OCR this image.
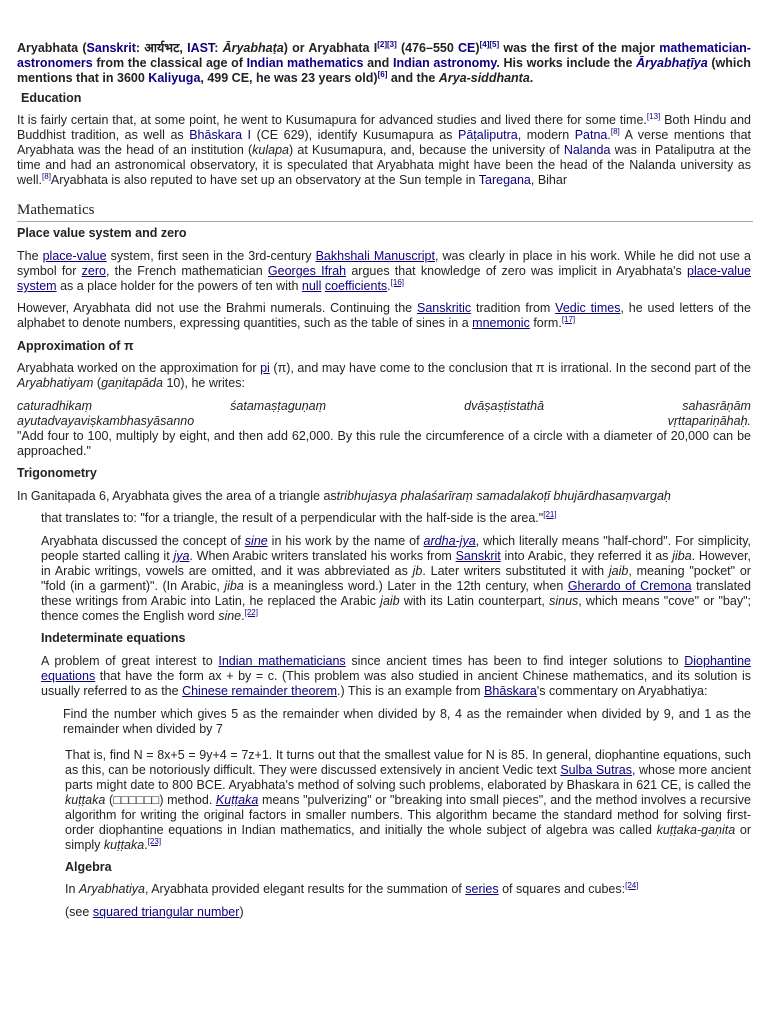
Aryabhata (Sanskrit: आर्यभट, IAST: Āryabhaṭa) or Aryabhata I[2][3] (476–550 CE)[4][5] was the first of the major mathematician-astronomers from the classical age of Indian mathematics and Indian astronomy. His works include the Āryabhaṭīya (which mentions that in 3600 Kaliyuga, 499 CE, he was 23 years old)[6] and the Arya-siddhanta.

Education

It is fairly certain that, at some point, he went to Kusumapura for advanced studies and lived there for some time.[13] Both Hindu and Buddhist tradition, as well as Bhāskara I (CE 629), identify Kusumapura as Pāṭaliputra, modern Patna.[8] A verse mentions that Aryabhata was the head of an institution (kulapa) at Kusumapura, and, because the university of Nalanda was in Pataliputra at the time and had an astronomical observatory, it is speculated that Aryabhata might have been the head of the Nalanda university as well.[8]Aryabhata is also reputed to have set up an observatory at the Sun temple in Taregana, Bihar

Mathematics
Place value system and zero

The place-value system, first seen in the 3rd-century Bakhshali Manuscript, was clearly in place in his work. While he did not use a symbol for zero, the French mathematician Georges Ifrah argues that knowledge of zero was implicit in Aryabhata's place-value system as a place holder for the powers of ten with null coefficients.[16]

However, Aryabhata did not use the Brahmi numerals. Continuing the Sanskritic tradition from Vedic times, he used letters of the alphabet to denote numbers, expressing quantities, such as the table of sines in a mnemonic form.[17]

Approximation of π

Aryabhata worked on the approximation for pi (π), and may have come to the conclusion that π is irrational. In the second part of the Aryabhatiyam (gaṇitapāda 10), he writes:

caturadhikaṃ	śatamaṣṭaguṇaṃ	dvāṣaṣṭistathā	sahasrāṇām
ayutadvayaviṣkambhasyāsanno	vṛttapariṇāhaḥ.

"Add four to 100, multiply by eight, and then add 62,000. By this rule the circumference of a circle with a diameter of 20,000 can be approached."

Trigonometry

In Ganitapada 6, Aryabhata gives the area of a triangle astribhujasya phalaśarīraṃ samadalakoṭī bhujārdhasaṃvargaḥ

that translates to: "for a triangle, the result of a perpendicular with the half-side is the area."[21]

Aryabhata discussed the concept of sine in his work by the name of ardha-jya, which literally means "half-chord". For simplicity, people started calling it jya. When Arabic writers translated his works from Sanskrit into Arabic, they referred it as jiba. However, in Arabic writings, vowels are omitted, and it was abbreviated as jb. Later writers substituted it with jaib, meaning "pocket" or "fold (in a garment)". (In Arabic, jiba is a meaningless word.) Later in the 12th century, when Gherardo of Cremona translated these writings from Arabic into Latin, he replaced the Arabic jaib with its Latin counterpart, sinus, which means "cove" or "bay"; thence comes the English word sine.[22]

Indeterminate equations

A problem of great interest to Indian mathematicians since ancient times has been to find integer solutions to Diophantine equations that have the form ax + by = c. (This problem was also studied in ancient Chinese mathematics, and its solution is usually referred to as the Chinese remainder theorem.) This is an example from Bhāskara's commentary on Aryabhatiya:

Find the number which gives 5 as the remainder when divided by 8, 4 as the remainder when divided by 9, and 1 as the remainder when divided by 7

That is, find N = 8x+5 = 9y+4 = 7z+1. It turns out that the smallest value for N is 85. In general, diophantine equations, such as this, can be notoriously difficult. They were discussed extensively in ancient Vedic text Sulba Sutras, whose more ancient parts might date to 800 BCE. Aryabhata's method of solving such problems, elaborated by Bhaskara in 621 CE, is called the kuṭṭaka (□□□□□□) method. Kuṭṭaka means "pulverizing" or "breaking into small pieces", and the method involves a recursive algorithm for writing the original factors in smaller numbers. This algorithm became the standard method for solving first-order diophantine equations in Indian mathematics, and initially the whole subject of algebra was called kuṭṭaka-gaṇita or simply kuṭṭaka.[23]

Algebra

In Aryabhatiya, Aryabhata provided elegant results for the summation of series of squares and cubes:[24]

(see squared triangular number)
